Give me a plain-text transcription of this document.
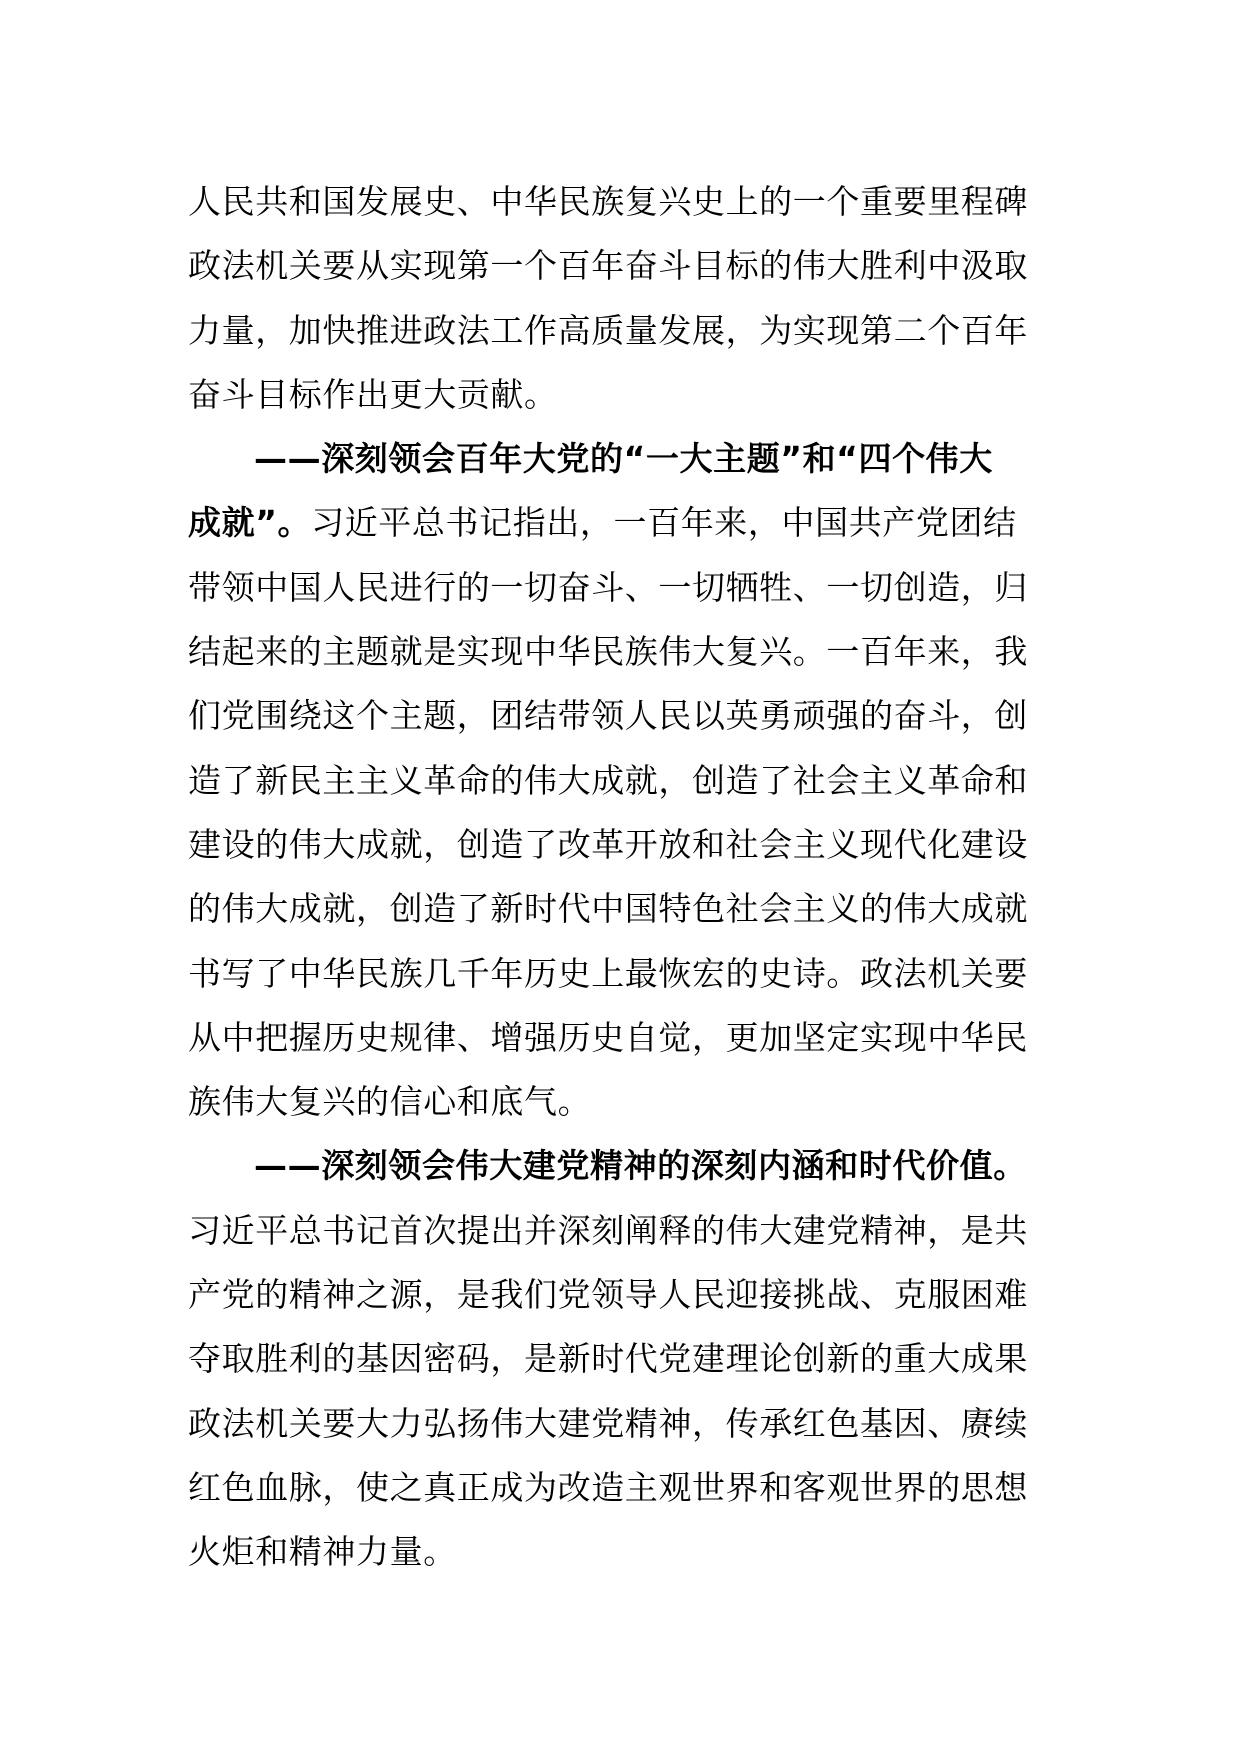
人民共和国发展史、中华民族复兴史上的一个重要里程碑
政法机关要从实现第一个百年奋斗目标的伟大胜利中汲取
力量，加快推进政法工作高质量发展，为实现第二个百年
奋斗目标作出更大贡献。
——深刻领会百年大党的“一大主题”和“四个伟大
成就”。习近平总书记指出，一百年来，中国共产党团结
带领中国人民进行的一切奋斗、一切牺牲、一切创造，归
结起来的主题就是实现中华民族伟大复兴。一百年来，我
们党围绕这个主题，团结带领人民以英勇顽强的奋斗，创
造了新民主主义革命的伟大成就，创造了社会主义革命和
建设的伟大成就，创造了改革开放和社会主义现代化建设
的伟大成就，创造了新时代中国特色社会主义的伟大成就
书写了中华民族几千年历史上最恢宏的史诗。政法机关要
从中把握历史规律、增强历史自觉，更加坚定实现中华民
族伟大复兴的信心和底气。
——深刻领会伟大建党精神的深刻内涵和时代价值。
习近平总书记首次提出并深刻阐释的伟大建党精神，是共
产党的精神之源，是我们党领导人民迎接挑战、克服困难
夺取胜利的基因密码，是新时代党建理论创新的重大成果
政法机关要大力弘扬伟大建党精神，传承红色基因、赓续
红色血脉，使之真正成为改造主观世界和客观世界的思想
火炬和精神力量。
